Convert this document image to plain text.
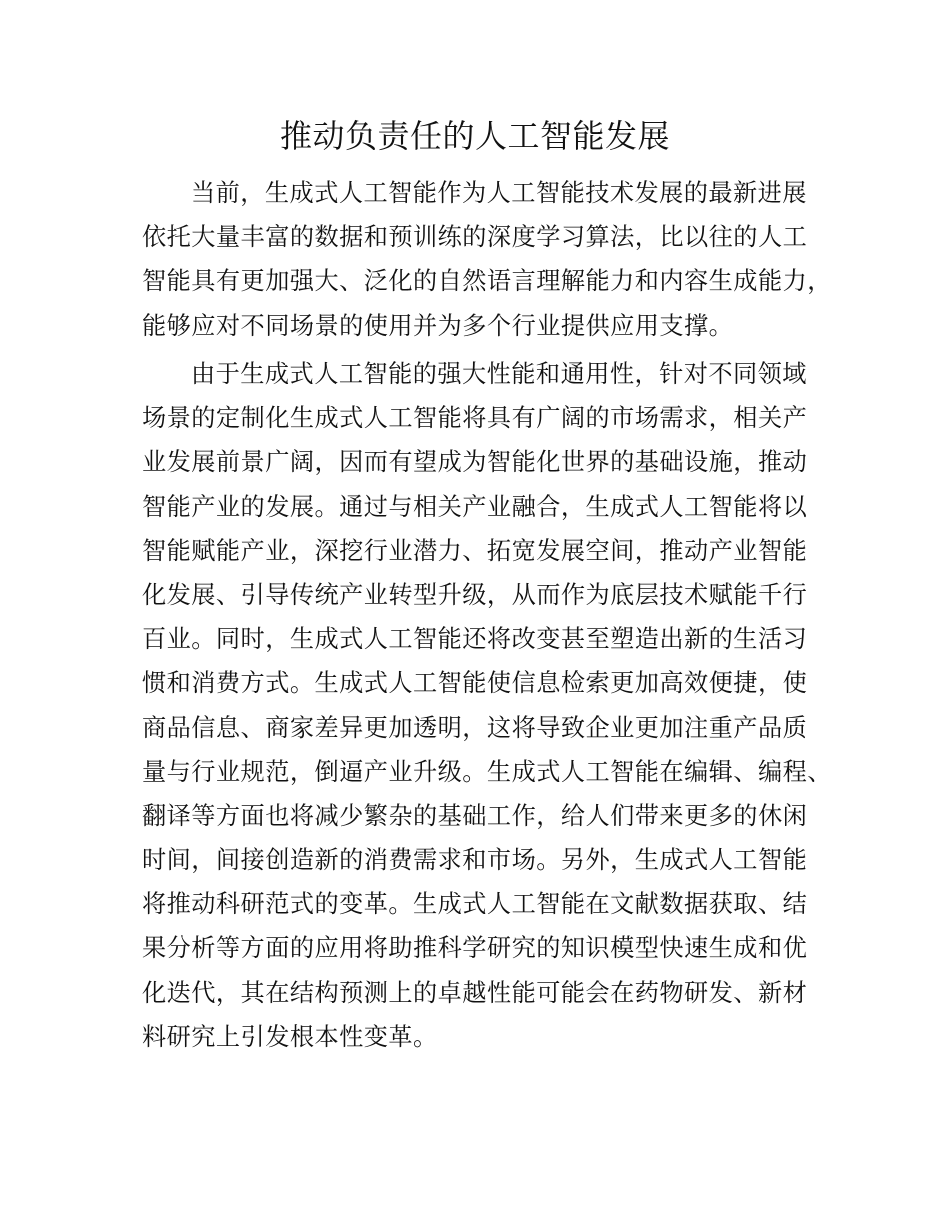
推动负责任的人工智能发展
当前，生成式人工智能作为人工智能技术发展的最新进展
依托大量丰富的数据和预训练的深度学习算法，比以往的人工
智能具有更加强大、泛化的自然语言理解能力和内容生成能力，
能够应对不同场景的使用并为多个行业提供应用支撑。
由于生成式人工智能的强大性能和通用性，针对不同领域
场景的定制化生成式人工智能将具有广阔的市场需求，相关产
业发展前景广阔，因而有望成为智能化世界的基础设施，推动
智能产业的发展。通过与相关产业融合，生成式人工智能将以
智能赋能产业，深挖行业潜力、拓宽发展空间，推动产业智能
化发展、引导传统产业转型升级，从而作为底层技术赋能千行
百业。同时，生成式人工智能还将改变甚至塑造出新的生活习
惯和消费方式。生成式人工智能使信息检索更加高效便捷，使
商品信息、商家差异更加透明，这将导致企业更加注重产品质
量与行业规范，倒逼产业升级。生成式人工智能在编辑、编程、
翻译等方面也将减少繁杂的基础工作，给人们带来更多的休闲
时间，间接创造新的消费需求和市场。另外，生成式人工智能
将推动科研范式的变革。生成式人工智能在文献数据获取、结
果分析等方面的应用将助推科学研究的知识模型快速生成和优
化迭代，其在结构预测上的卓越性能可能会在药物研发、新材
料研究上引发根本性变革。
